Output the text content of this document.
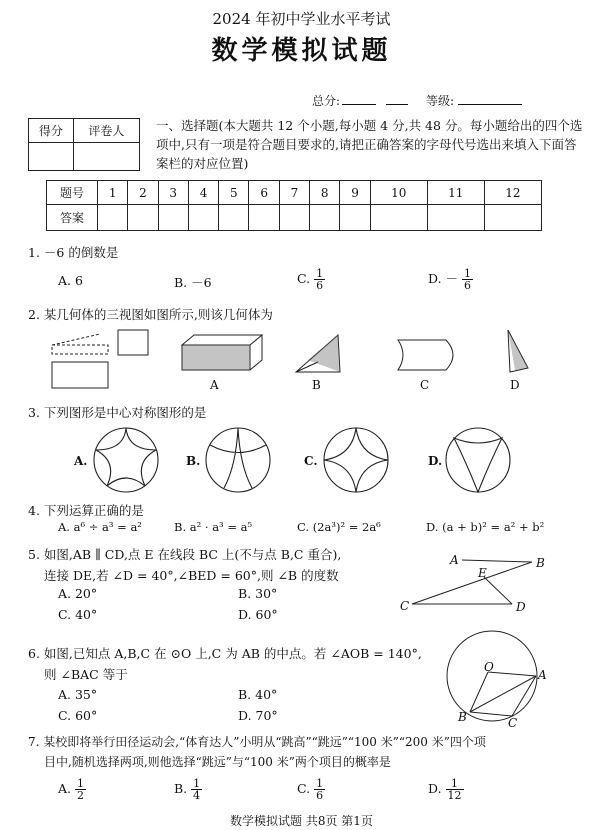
2024 年初中学业水平考试
数学模拟试题
总分:	等级:
得分	评卷人
		一、选择题(本大题共 12 个小题,每小题 4 分,共 48 分。每小题给出的四个选项中,只有一项是符合题目要求的,请把正确答案的字母代号选出来填入下面答案栏的对应位置)
题号	1	2	3	4	5	6	7	8	9	10	11	12
答案												
1. －6 的倒数是
A. 6	B. －6	C. $\frac{1}{6}$	D. － $\frac{1}{6}$
2. 某几何体的三视图如图所示,则该几何体为
A	B	C	D
3. 下列图形是中心对称图形的是
A.	B.	C.	D.
4. 下列运算正确的是
A. a⁶ ÷ a³ = a²	B. a² · a³ = a⁵	C. (2a³)² = 2a⁶	D. (a + b)² = a² + b²
5. 如图,AB ∥ CD,点 E 在线段 BC 上(不与点 B,C 重合),
连接 DE,若 ∠D = 40°,∠BED = 60°,则 ∠B 的度数
A. 20°	B. 30°
C. 40°	D. 60°
A	B
E
C	D
6. 如图,已知点 A,B,C 在 ⊙O 上,C 为 AB 的中点。若 ∠AOB = 140°,
则 ∠BAC 等于
A. 35°	B. 40°
C. 60°	D. 70°
O
A
B	C
7. 某校即将举行田径运动会,“体育达人”小明从“跳高”“跳远”“100 米”“200 米”四个项
目中,随机选择两项,则他选择“跳远”与“100 米”两个项目的概率是
A. $\frac{1}{2}$	B. $\frac{1}{4}$	C. $\frac{1}{6}$	D. $\frac{1}{12}$
数学模拟试题 共8页 第1页
